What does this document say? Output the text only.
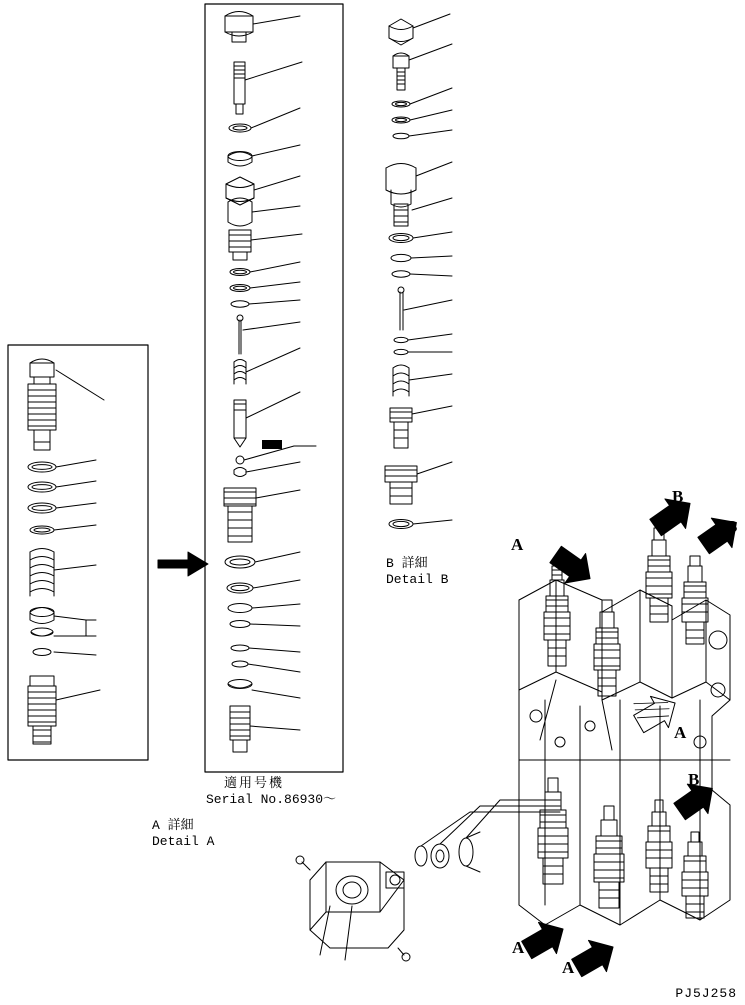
適用号機
Serial No.86930〜
A 詳細
Detail A
B 詳細
Detail B
A
B
B
A
B
A
A
PJ5J258
